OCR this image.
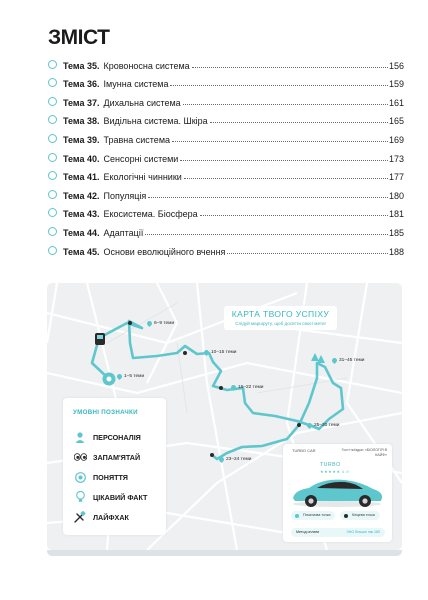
ЗМІСТ
Тема 35. Кровоносна система	156
Тема 36. Імунна система	159
Тема 37. Дихальна система	161
Тема 38. Видільна система. Шкіра	165
Тема 39. Травна система	169
Тема 40. Сенсорні системи	173
Тема 41. Екологічні чинники	177
Тема 42. Популяція	180
Тема 43. Екосистема. Біосфера	181
Тема 44. Адаптації	185
Тема 45. Основи еволюційного вчення	188
КАРТА ТВОГО УСПІХУ
Слідуй маршруту, щоб досягти своєї мети!
1–5 теми
6–9 теми
10–15 теми
16–22 теми
23–24 теми
25–30 теми
31–45 теми
УМОВНІ ПОЗНАЧКИ
ПЕРСОНАЛІЯ
ЗАПАМ'ЯТАЙ
ПОНЯТТЯ
ЦІКАВИЙ ФАКТ
ЛАЙФХАК
TURBO CAR	Гості поїздки: «БІОЛОГІЯ В КАЙФ»
TURBO
★★★★★ 4.9
Початкова точка	Кінцева точка
Метод оплати	ЗНО більше ніж 180
